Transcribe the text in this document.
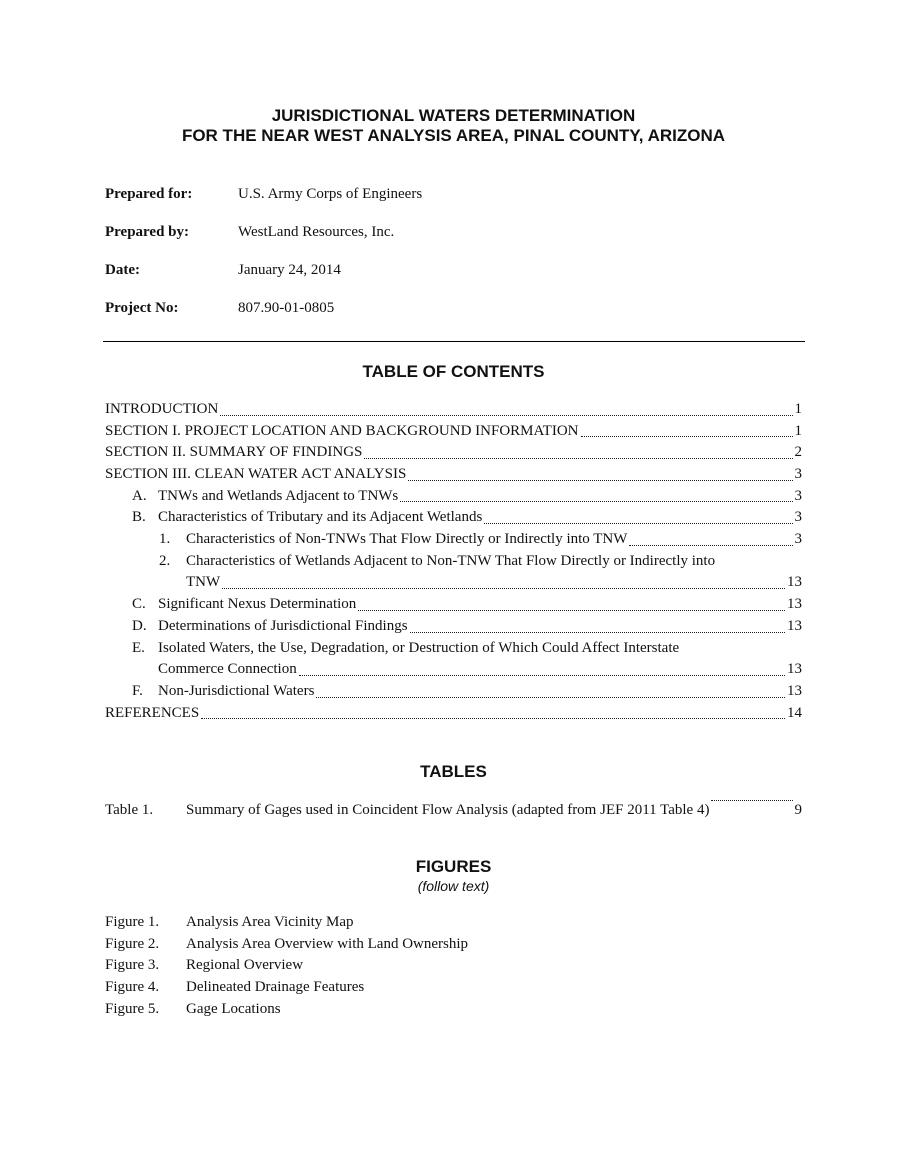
JURISDICTIONAL WATERS DETERMINATION
FOR THE NEAR WEST ANALYSIS AREA, PINAL COUNTY, ARIZONA
Prepared for:	U.S. Army Corps of Engineers
Prepared by:	WestLand Resources, Inc.
Date:	January 24, 2014
Project No:	807.90-01-0805
TABLE OF CONTENTS
INTRODUCTION	1
SECTION I. PROJECT LOCATION AND BACKGROUND INFORMATION	1
SECTION II. SUMMARY OF FINDINGS	2
SECTION III. CLEAN WATER ACT ANALYSIS	3
A. TNWs and Wetlands Adjacent to TNWs	3
B. Characteristics of Tributary and its Adjacent Wetlands	3
1.	Characteristics of Non-TNWs That Flow Directly or Indirectly into TNW	3
2.	Characteristics of Wetlands Adjacent to Non-TNW That Flow Directly or Indirectly into
TNW	13
C. Significant Nexus Determination	13
D. Determinations of Jurisdictional Findings	13
E. Isolated Waters, the Use, Degradation, or Destruction of Which Could Affect Interstate
Commerce Connection	13
F.	Non-Jurisdictional Waters	13
REFERENCES	14
TABLES
Table 1.	Summary of Gages used in Coincident Flow Analysis (adapted from JEF 2011 Table 4)	9
FIGURES
(follow text)
Figure 1.	Analysis Area Vicinity Map
Figure 2.	Analysis Area Overview with Land Ownership
Figure 3.	Regional Overview
Figure 4.	Delineated Drainage Features
Figure 5.	Gage Locations
